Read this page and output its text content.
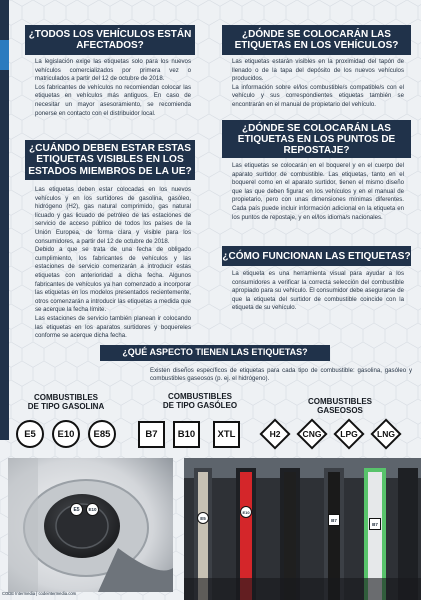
¿TODOS LOS VEHÍCULOS ESTÁN
AFECTADOS?

La legislación exige las etiquetas solo para los nuevos vehículos comercializados por primera vez o matriculados a partir del 12 de octubre de 2018.

Los fabricantes de vehículos no recomiendan colocar las etiquetas en vehículos más antiguos. En caso de necesitar un mayor asesoramiento, se recomienda ponerse en contacto con el distribuidor local.

¿DÓNDE SE COLOCARÁN LAS
ETIQUETAS EN LOS VEHÍCULOS?

Las etiquetas estarán visibles en la proximidad del tapón de llenado o de la tapa del depósito de los nuevos vehículos producidos.

La información sobre el/los combustible/s compatible/s con el vehículo y sus correspondientes etiquetas también se encontrarán en el manual de propietario del vehículo.

¿CUÁNDO DEBEN ESTAR ESTAS
ETIQUETAS VISIBLES EN LOS
ESTADOS MIEMBROS DE LA UE?

Las etiquetas deben estar colocadas en los nuevos vehículos y en los surtidores de gasolina, gasóleo, hidrógeno (H2), gas natural comprimido, gas natural licuado y gas licuado de petróleo de las estaciones de servicio de acceso público de todos los países de la Unión Europea, de forma clara y visible para los consumidores, a partir del 12 de octubre de 2018.

Debido a que se trata de una fecha de obligado cumplimiento, los fabricantes de vehículos y las estaciones de servicio comenzarán a introducir estas etiquetas con anterioridad a dicha fecha. Algunos fabricantes de vehículos ya han comenzado a incorporar las etiquetas en los modelos presentados recientemente, otros comenzarán a introducir las etiquetas a medida que se acerque la fecha límite.

Las estaciones de servicio también planean ir colocando las etiquetas en los aparatos surtidores y boquereles conforme se acerque dicha fecha.

¿DÓNDE SE COLOCARÁN LAS
ETIQUETAS EN LOS PUNTOS DE
REPOSTAJE?

Las etiquetas se colocarán en el boquerel y en el cuerpo del aparato surtidor de combustible. Las etiquetas, tanto en el boquerel como en el aparato surtidor, tienen el mismo diseño que las que deben figurar en los vehículos y en el manual de propietario, pero con unas dimensiones mínimas diferentes. Cada país puede incluir información adicional en la etiqueta en los puntos de repostaje, y en el/los idioma/s nacionales.

¿CÓMO FUNCIONAN LAS ETIQUETAS?

La etiqueta es una herramienta visual para ayudar a los consumidores a verificar la correcta selección del combustible apropiado para su vehículo. El consumidor debe asegurarse de que la etiqueta del surtidor de combustible coincide con la etiqueta de su vehículo.

¿QUÉ ASPECTO TIENEN LAS ETIQUETAS?

Existen diseños específicos de etiquetas para cada tipo de combustible: gasolina, gasóleo y combustibles gaseosos (p. ej. el hidrógeno).

COMBUSTIBLES
DE TIPO GASOLINA
COMBUSTIBLES
DE TIPO GASÓLEO	COMBUSTIBLES
GASEOSOS
E5 E10 E85	B7 B10 XTL	H2	CNG LPG LNG
E5 E10
E5
E10
B7
B7
CODE Intermedia | codeintermedia.com
